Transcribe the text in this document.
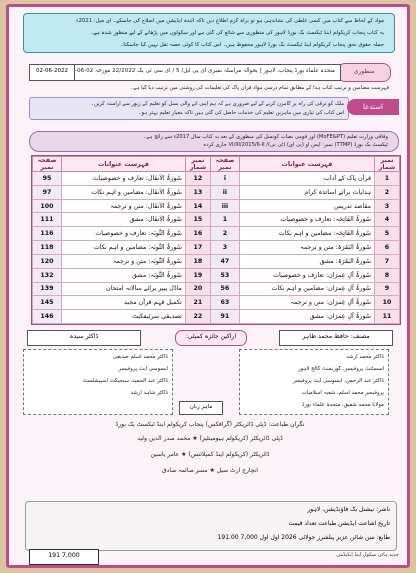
مواد کے لحاظ سے کتاب میں کسی غلطی کی نشاندہی ہو تو براہ کرم اطلاع دیں تاکہ آئندہ ایڈیشن میں اصلاح کی جاسکے۔ ای میل: 2021ء
یہ کتاب پنجاب کریکولم اینڈ ٹیکسٹ بک بورڈ لاہور کی منظوری سے شائع کی گئی ہے اور سکولوں میں پڑھانے کے لیے منظور شدہ ہے۔
جملہ حقوق بحق پنجاب کریکولم اینڈ ٹیکسٹ بک بورڈ لاہور محفوظ ہیں۔ اس کتاب کا کوئی حصہ نقل نہیں کیا جاسکتا۔
منظوری
متحدہ علماء بورڈ پنجاب، لاہور [ بحوالہ مراسلہ نمبری ای پی ایل/ 5 / ای سی ٹی بک 22/2022 مورخہ 02-06-
02-06-2022
فہرست مضامین و ترتیب کتاب ہذا کے مطابق تمام درسی مواد قرآن پاک کی تعلیمات کی روشنی میں ترتیب دیا گیا ہے۔
ملک کو ترقی کی راہ پر گامزن کرنے کے لیے ضروری ہے کہ ہم اپنی آنے والی نسل کو تعلیم کے زیور سے آراستہ کریں۔
اس کتاب کی تیاری میں ماہرین تعلیم کی خدمات حاصل کی گئی ہیں تاکہ معیار تعلیم بہتر ہو۔
استدعا
وفاقی وزارت تعلیم (MoFE&PT) اور قومی نصاب کونسل کی منظوری کے بعد یہ کتاب سال 2017ء سے رائج ہے۔
ٹیکسٹ بک بورڈ (TTMP) نمبر: ایس او (پی ای) (ٹی بی)/ VI/III/2015/II-II جاری کردہ
نمبر شمار	فہرست عنوانات	صفحہ نمبر	نمبر شمار	فہرست عنوانات	صفحہ نمبر
1	قرآن پاک کے آداب	i	12	سُورۃُ الاَنفَال: تعارف و خصوصیات	95
2	ہدایات برائے اساتذہ کرام	ii	13	سُورۃُ الاَنفَال: مضامین و اہم نکات	97
3	مقاصد تدریس	iii	14	سُورۃُ الاَنفَال: متن و ترجمہ	100
4	سُورۃُ الفَاتِحَہ: تعارف و خصوصیات	1	15	سُورۃُ الاَنفَال: مشق	111
5	سُورۃُ الفَاتِحَہ: مضامین و اہم نکات	2	16	سُورۃُ التَّوبَہ: تعارف و خصوصیات	116
6	سُورۃُ البَقَرَۃ: متن و ترجمہ	3	17	سُورۃُ التَّوبَہ: مضامین و اہم نکات	118
7	سُورۃُ البَقَرَۃ: مشق	47	18	سُورۃُ التَّوبَہ: متن و ترجمہ	120
8	سُورۃُ آلِ عِمرَان: تعارف و خصوصیات	53	19	سُورۃُ التَّوبَہ: مشق	132
9	سُورۃُ آلِ عِمرَان: مضامین و اہم نکات	56	20	ماڈل پیپر برائے سالانہ امتحان	139
10	سُورۃُ آلِ عِمرَان: متن و ترجمہ	63	21	تکمیل فہم قرآن مجید	145
11	سُورۃُ آلِ عِمرَان: مشق	91	22	تصدیقی سرٹیفکیٹ	146
مصنف: حافظ محمد طاہر
اراکین جائزہ کمیٹی:
ڈاکٹر سیدہ
ڈاکٹر محمد ارشد
اسسٹنٹ پروفیسر، گورنمنٹ کالج لاہور
ڈاکٹر عبد الرحمن، ایسوسی ایٹ پروفیسر
پروفیسر محمد اسلم، شعبہ اسلامیات
مولانا محمد شفیق، متحدہ علماء بورڈ
ڈاکٹر محمد اسلم صدیقی
ایسوسی ایٹ پروفیسر
ڈاکٹر عبد الحمید، سبجیکٹ اسپیشلسٹ
ڈاکٹر شاہد ارشد
ماہر زبان
نگران طباعت: ڈپٹی ڈائریکٹر (گرافکس) پنجاب کریکولم اینڈ ٹیکسٹ بک بورڈ
ڈپٹی ڈائریکٹر (کریکولم ہیومینٹیز) ★ محمد صدر الدین ولید
ڈائریکٹر (کریکولم اینڈ کمپلائنس) ★ عامر یاسین
انچارج آرٹ سیل ★ مسز صائمہ صادق
ناشر: نیشنل بک فاؤنڈیشن، لاہور
تاریخ اشاعت ایڈیشن طباعت تعداد قیمت
طابع: سن شائن عزیز پبلشرز جولائی 2026 اول اول 7,000 191.00
191 7,000	جدید ہائی سکول اینڈ ایکیڈمی
